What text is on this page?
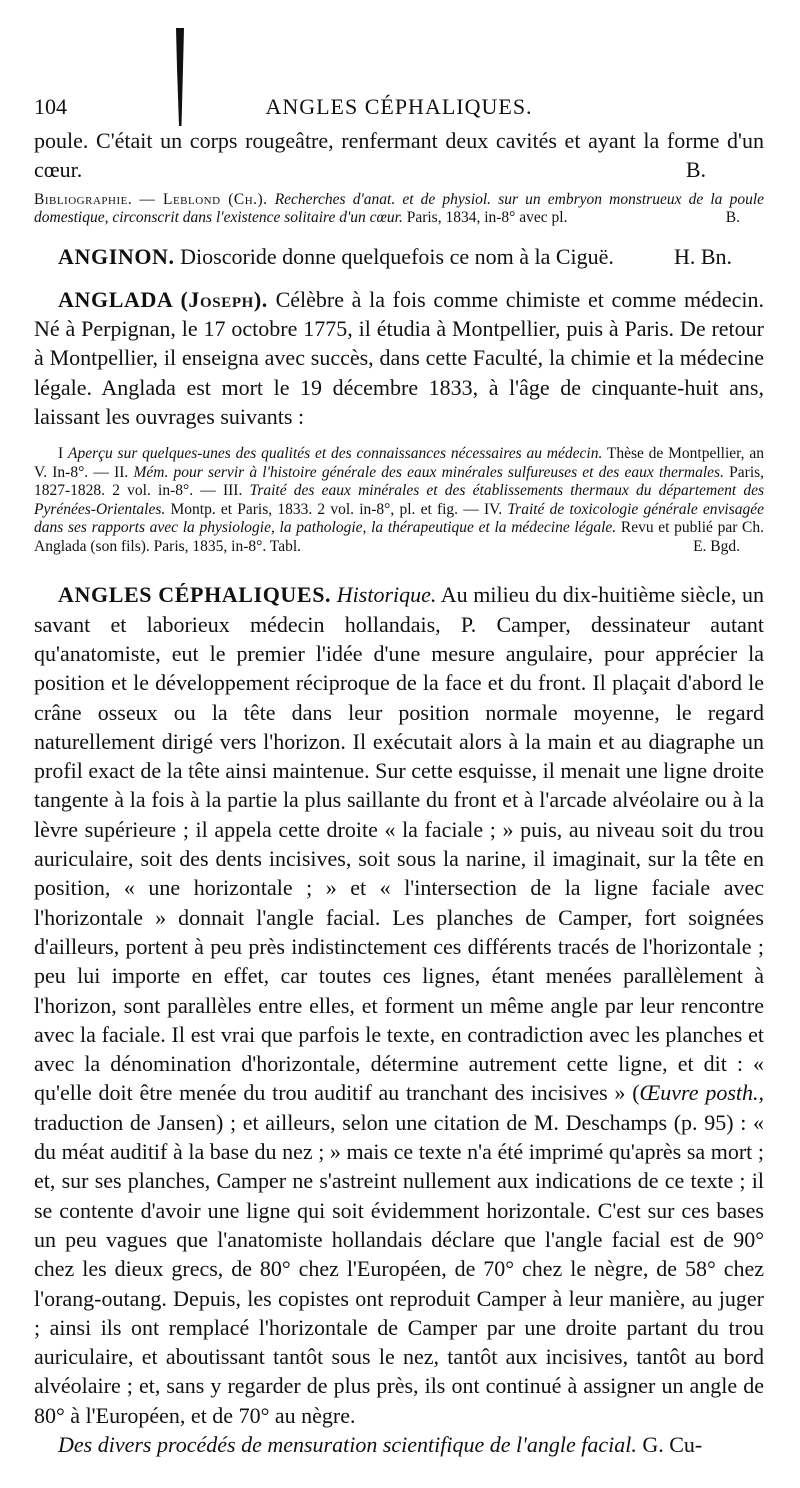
104	ANGLES CÉPHALIQUES.

poule. C'était un corps rougeâtre, renfermant deux cavités et ayant la forme d'un cœur.	B.

Bibliographie. — Leblond (Ch.). Recherches d'anat. et de physiol. sur un embryon monstrueux de la poule domestique, circonscrit dans l'existence solitaire d'un cœur. Paris, 1834, in-8° avec pl.	B.

ANGINON. Dioscoride donne quelquefois ce nom à la Ciguë.	H. Bn.

ANGLADA (Joseph). Célèbre à la fois comme chimiste et comme médecin. Né à Perpignan, le 17 octobre 1775, il étudia à Montpellier, puis à Paris. De retour à Montpellier, il enseigna avec succès, dans cette Faculté, la chimie et la médecine légale. Anglada est mort le 19 décembre 1833, à l'âge de cinquante-huit ans, laissant les ouvrages suivants :

I Aperçu sur quelques-unes des qualités et des connaissances nécessaires au médecin. Thèse de Montpellier, an V. In-8°. — II. Mém. pour servir à l'histoire générale des eaux minérales sulfureuses et des eaux thermales. Paris, 1827-1828. 2 vol. in-8°. — III. Traité des eaux minérales et des établissements thermaux du département des Pyrénées-Orientales. Montp. et Paris, 1833. 2 vol. in-8°, pl. et fig. — IV. Traité de toxicologie générale envisagée dans ses rapports avec la physiologie, la pathologie, la thérapeutique et la médecine légale. Revu et publié par Ch. Anglada (son fils). Paris, 1835, in-8°. Tabl.	E. Bgd.

ANGLES CÉPHALIQUES. Historique. Au milieu du dix-huitième siècle, un savant et laborieux médecin hollandais, P. Camper, dessinateur autant qu'anatomiste, eut le premier l'idée d'une mesure angulaire, pour apprécier la position et le développement réciproque de la face et du front. Il plaçait d'abord le crâne osseux ou la tête dans leur position normale moyenne, le regard naturellement dirigé vers l'horizon. Il exécutait alors à la main et au diagraphe un profil exact de la tête ainsi maintenue. Sur cette esquisse, il menait une ligne droite tangente à la fois à la partie la plus saillante du front et à l'arcade alvéolaire ou à la lèvre supérieure ; il appela cette droite « la faciale ; » puis, au niveau soit du trou auriculaire, soit des dents incisives, soit sous la narine, il imaginait, sur la tête en position, « une horizontale ; » et « l'intersection de la ligne faciale avec l'horizontale » donnait l'angle facial. Les planches de Camper, fort soignées d'ailleurs, portent à peu près indistinctement ces différents tracés de l'horizontale ; peu lui importe en effet, car toutes ces lignes, étant menées parallèlement à l'horizon, sont parallèles entre elles, et forment un même angle par leur rencontre avec la faciale. Il est vrai que parfois le texte, en contradiction avec les planches et avec la dénomination d'horizontale, détermine autrement cette ligne, et dit : « qu'elle doit être menée du trou auditif au tranchant des incisives » (Œuvre posth., traduction de Jansen) ; et ailleurs, selon une citation de M. Deschamps (p. 95) : « du méat auditif à la base du nez ; » mais ce texte n'a été imprimé qu'après sa mort ; et, sur ses planches, Camper ne s'astreint nullement aux indications de ce texte ; il se contente d'avoir une ligne qui soit évidemment horizontale. C'est sur ces bases un peu vagues que l'anatomiste hollandais déclare que l'angle facial est de 90° chez les dieux grecs, de 80° chez l'Européen, de 70° chez le nègre, de 58° chez l'orang-outang. Depuis, les copistes ont reproduit Camper à leur manière, au juger ; ainsi ils ont remplacé l'horizontale de Camper par une droite partant du trou auriculaire, et aboutissant tantôt sous le nez, tantôt aux incisives, tantôt au bord alvéolaire ; et, sans y regarder de plus près, ils ont continué à assigner un angle de 80° à l'Européen, et de 70° au nègre.

Des divers procédés de mensuration scientifique de l'angle facial. G. Cu-
